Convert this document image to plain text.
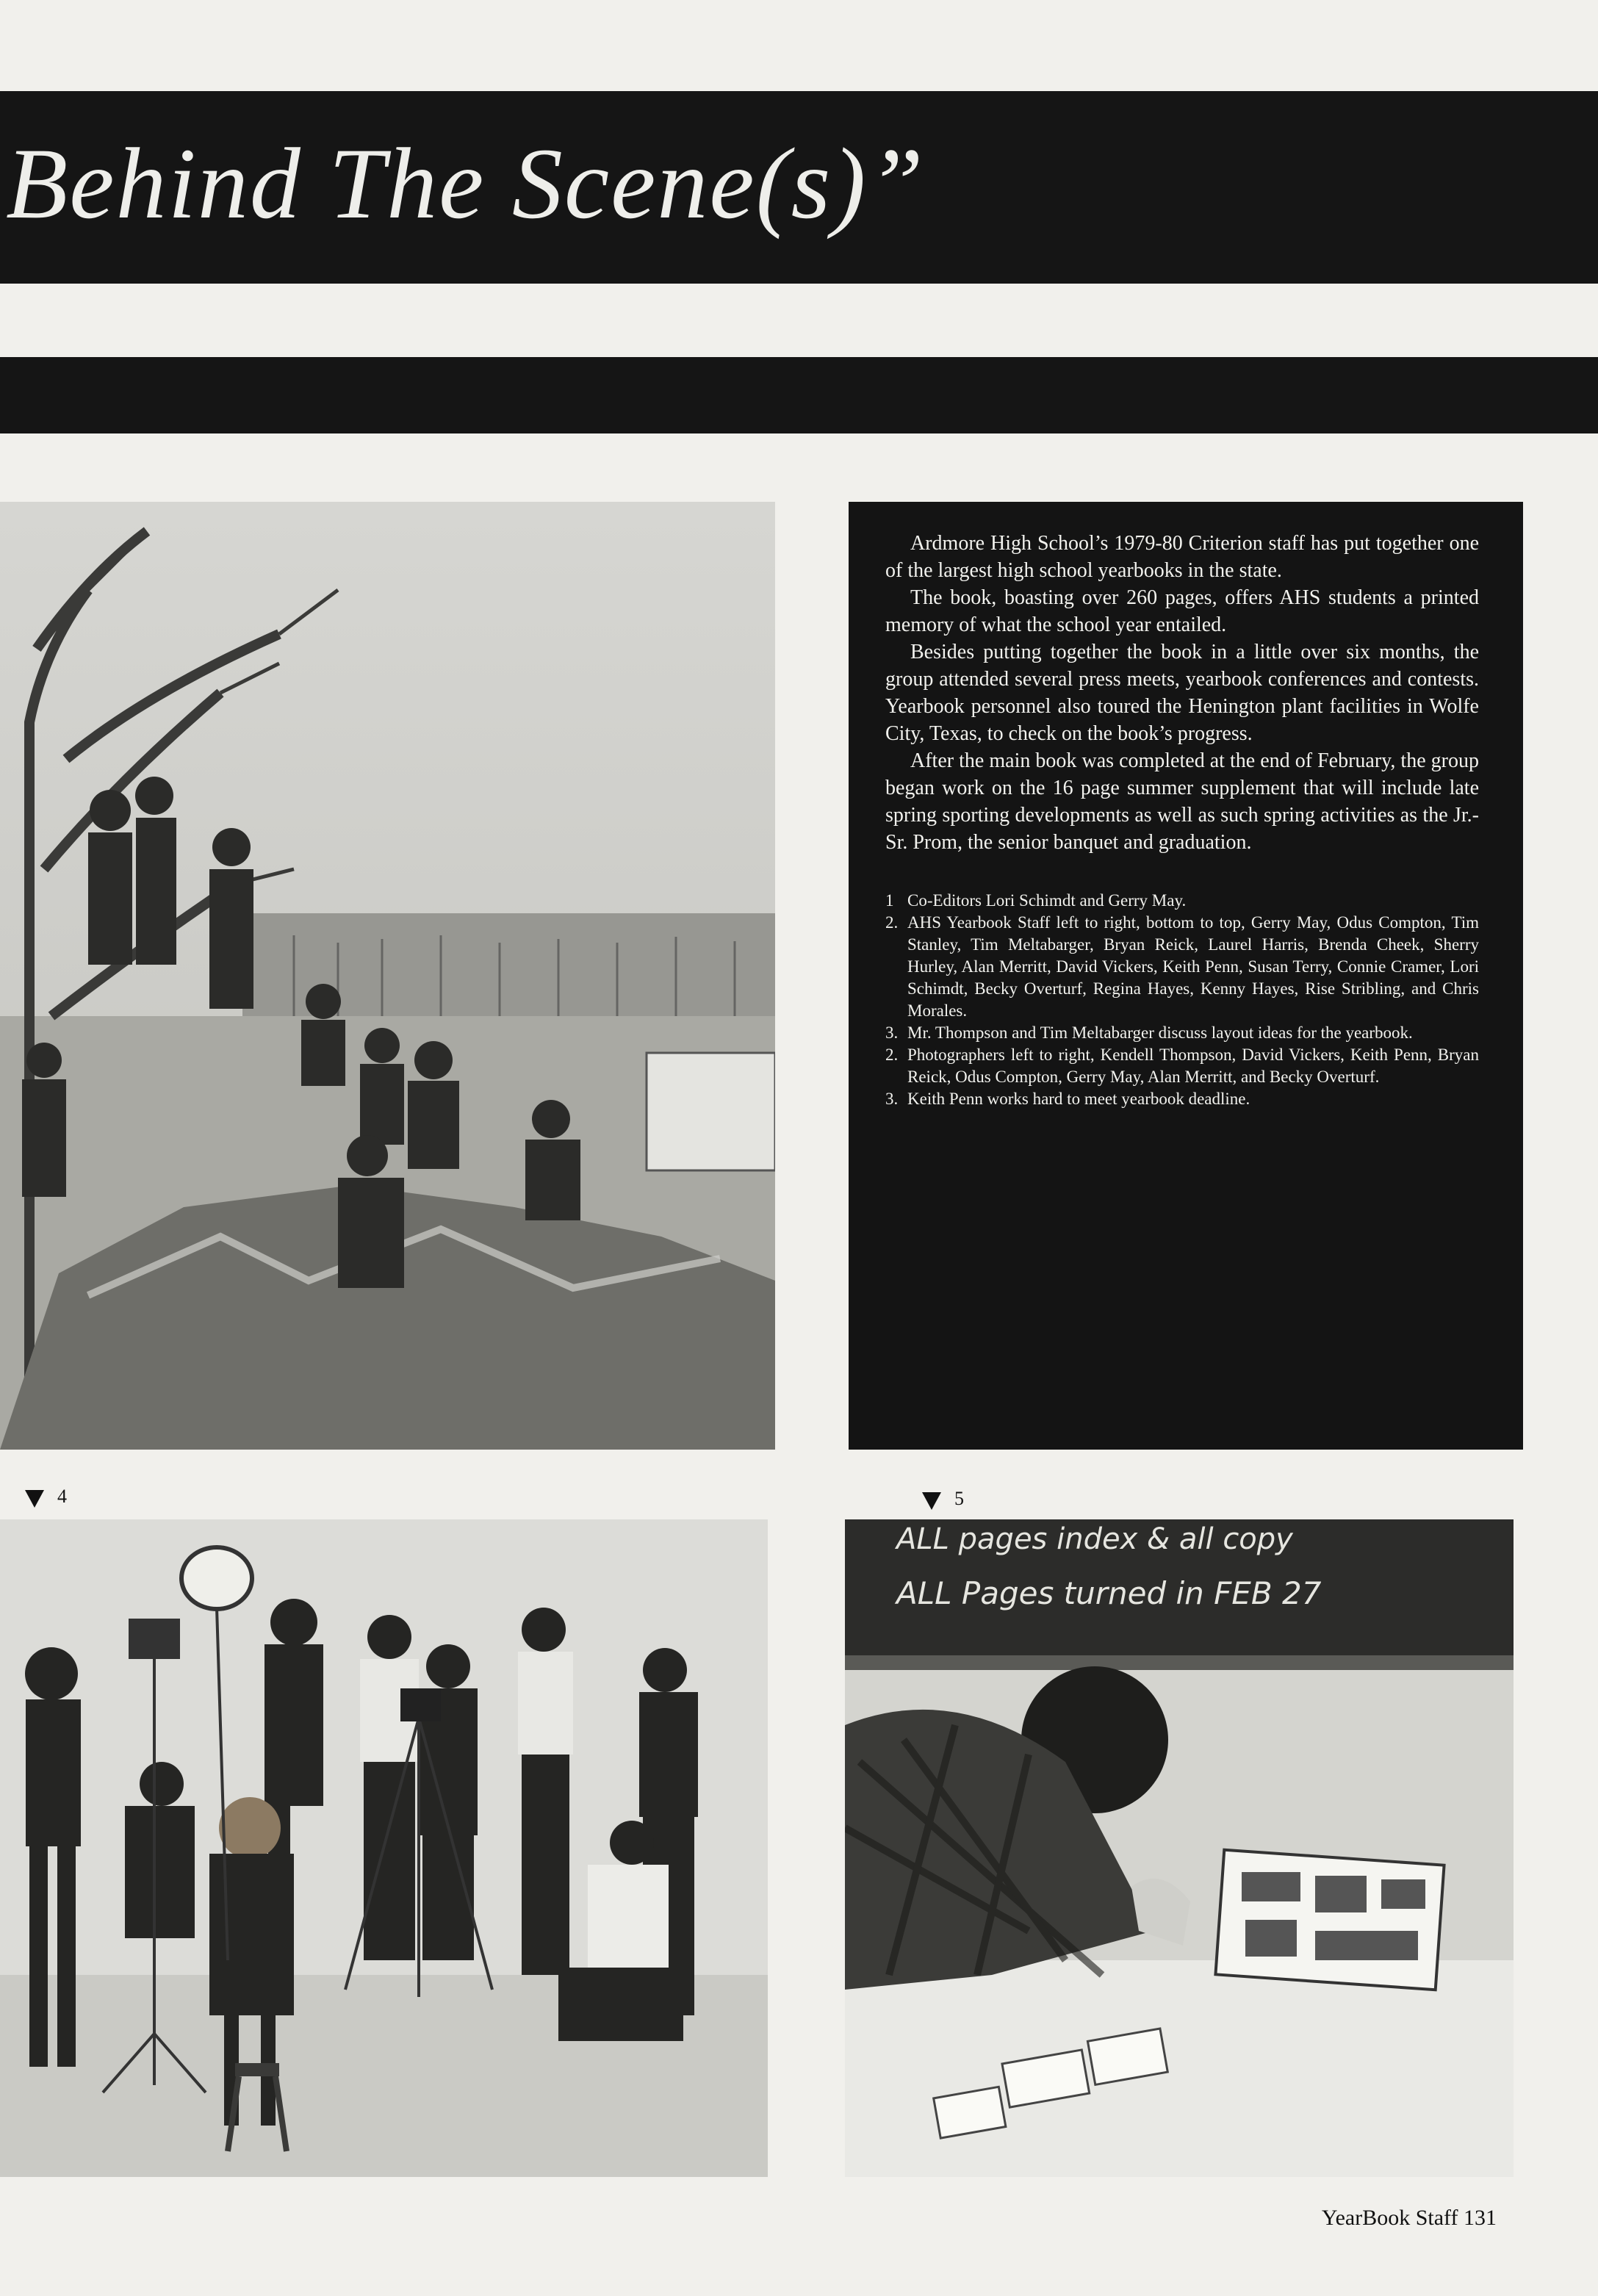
Behind The Scene(s)”

Ardmore High School’s 1979-80 Criterion staff has put together one of the largest high school yearbooks in the state.

The book, boasting over 260 pages, offers AHS students a printed memory of what the school year entailed.

Besides putting together the book in a little over six months, the group attended several press meets, yearbook conferences and contests. Yearbook personnel also toured the Henington plant facilities in Wolfe City, Texas, to check on the book’s progress.

After the main book was completed at the end of February, the group began work on the 16 page summer supplement that will include late spring sporting developments as well as such spring activities as the Jr.-Sr. Prom, the senior banquet and graduation.

1 Co-Editors Lori Schimdt and Gerry May.
2. AHS Yearbook Staff left to right, bottom to top, Gerry May, Odus Compton, Tim Stanley, Tim Meltabarger, Bryan Reick, Laurel Harris, Brenda Cheek, Sherry Hurley, Alan Merritt, David Vickers, Keith Penn, Susan Terry, Connie Cramer, Lori Schimdt, Becky Overturf, Regina Hayes, Kenny Hayes, Rise Stribling, and Chris Morales.
3. Mr. Thompson and Tim Meltabarger discuss layout ideas for the yearbook.
2. Photographers left to right, Kendell Thompson, David Vickers, Keith Penn, Bryan Reick, Odus Compton, Gerry May, Alan Merritt, and Becky Overturf.
3. Keith Penn works hard to meet yearbook deadline.
4	5
ALL pages index & all copy
ALL Pages turned in FEB 27
YearBook Staff 131
